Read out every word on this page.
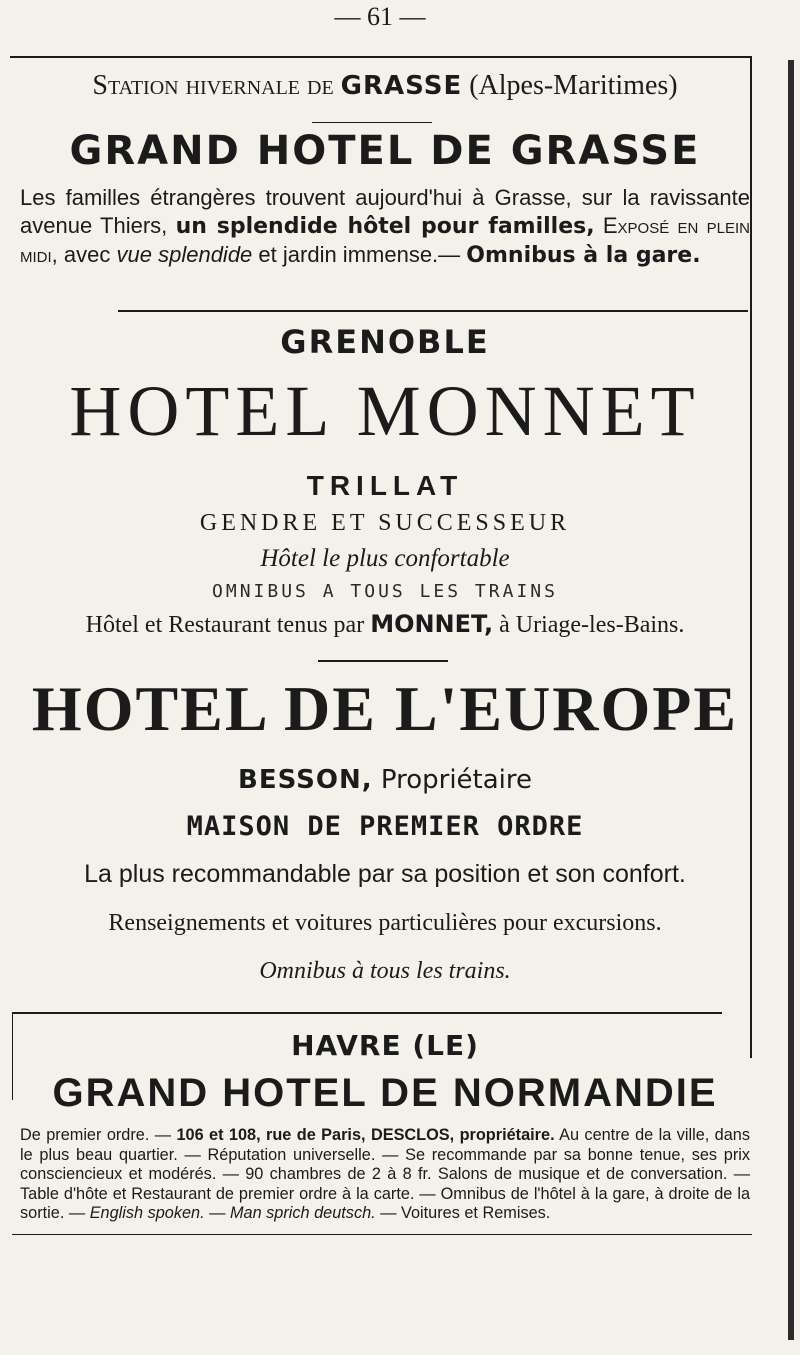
— 61 —
Station hivernale de GRASSE (Alpes-Maritimes)
GRAND HOTEL DE GRASSE
Les familles étrangères trouvent aujourd'hui à Grasse, sur la ravissante avenue Thiers, un splendide hôtel pour familles, Exposé en plein midi, avec vue splendide et jardin immense.— Omnibus à la gare.
GRENOBLE
HOTEL MONNET
TRILLAT
GENDRE ET SUCCESSEUR
Hôtel le plus confortable
OMNIBUS A TOUS LES TRAINS
Hôtel et Restaurant tenus par MONNET, à Uriage-les-Bains.
HOTEL DE L'EUROPE
BESSON, Propriétaire
MAISON DE PREMIER ORDRE
La plus recommandable par sa position et son confort.
Renseignements et voitures particulières pour excursions.
Omnibus à tous les trains.
HAVRE (LE)
GRAND HOTEL DE NORMANDIE
De premier ordre. — 106 et 108, rue de Paris, DESCLOS, propriétaire. Au centre de la ville, dans le plus beau quartier. — Réputation universelle. — Se recommande par sa bonne tenue, ses prix consciencieux et modérés. — 90 chambres de 2 à 8 fr. Salons de musique et de conversation. — Table d'hôte et Restaurant de premier ordre à la carte. — Omnibus de l'hôtel à la gare, à droite de la sortie. — English spoken. — Man sprich deutsch. — Voitures et Remises.
